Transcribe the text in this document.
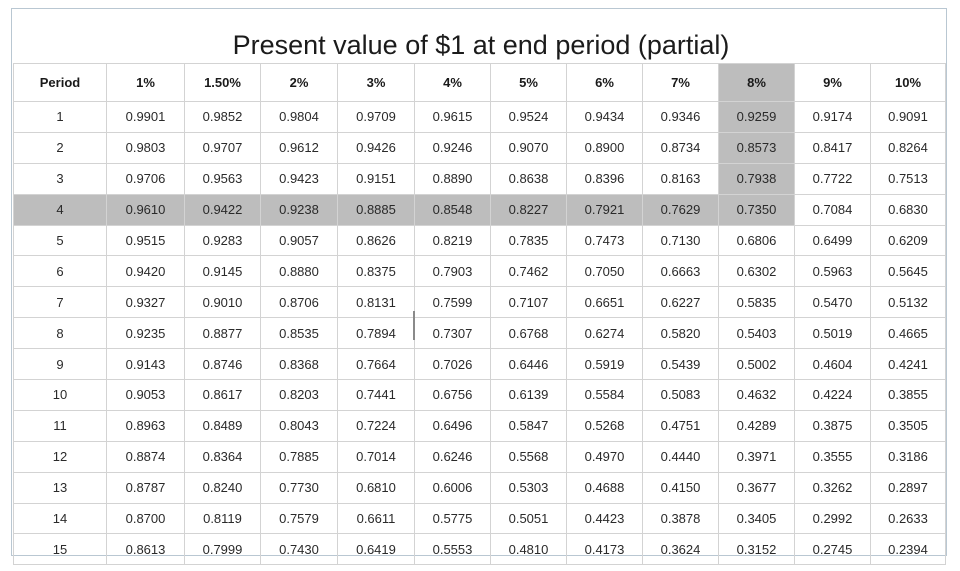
Present value of $1 at end period (partial)
Period	1%	1.50%	2%	3%	4%	5%	6%	7%	8%	9%	10%
1	0.9901	0.9852	0.9804	0.9709	0.9615	0.9524	0.9434	0.9346	0.9259	0.9174	0.9091
2	0.9803	0.9707	0.9612	0.9426	0.9246	0.9070	0.8900	0.8734	0.8573	0.8417	0.8264
3	0.9706	0.9563	0.9423	0.9151	0.8890	0.8638	0.8396	0.8163	0.7938	0.7722	0.7513
4	0.9610	0.9422	0.9238	0.8885	0.8548	0.8227	0.7921	0.7629	0.7350	0.7084	0.6830
5	0.9515	0.9283	0.9057	0.8626	0.8219	0.7835	0.7473	0.7130	0.6806	0.6499	0.6209
6	0.9420	0.9145	0.8880	0.8375	0.7903	0.7462	0.7050	0.6663	0.6302	0.5963	0.5645
7	0.9327	0.9010	0.8706	0.8131	0.7599	0.7107	0.6651	0.6227	0.5835	0.5470	0.5132
8	0.9235	0.8877	0.8535	0.7894	0.7307	0.6768	0.6274	0.5820	0.5403	0.5019	0.4665
9	0.9143	0.8746	0.8368	0.7664	0.7026	0.6446	0.5919	0.5439	0.5002	0.4604	0.4241
10	0.9053	0.8617	0.8203	0.7441	0.6756	0.6139	0.5584	0.5083	0.4632	0.4224	0.3855
11	0.8963	0.8489	0.8043	0.7224	0.6496	0.5847	0.5268	0.4751	0.4289	0.3875	0.3505
12	0.8874	0.8364	0.7885	0.7014	0.6246	0.5568	0.4970	0.4440	0.3971	0.3555	0.3186
13	0.8787	0.8240	0.7730	0.6810	0.6006	0.5303	0.4688	0.4150	0.3677	0.3262	0.2897
14	0.8700	0.8119	0.7579	0.6611	0.5775	0.5051	0.4423	0.3878	0.3405	0.2992	0.2633
15	0.8613	0.7999	0.7430	0.6419	0.5553	0.4810	0.4173	0.3624	0.3152	0.2745	0.2394
